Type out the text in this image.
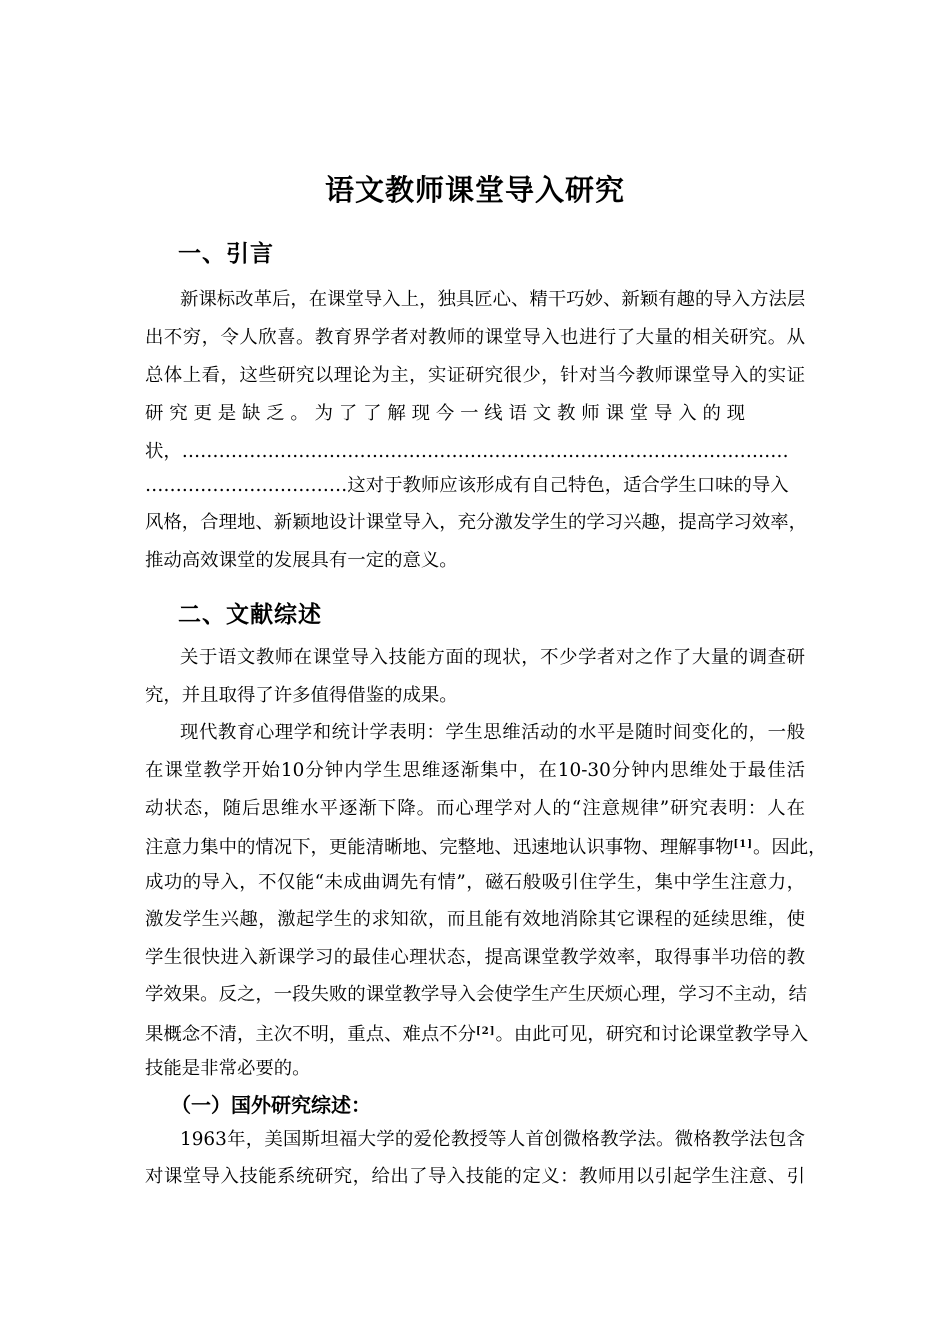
语文教师课堂导入研究
一、引言
新课标改革后，在课堂导入上，独具匠心、精干巧妙、新颖有趣的导入方法层
出不穷，令人欣喜。教育界学者对教师的课堂导入也进行了大量的相关研究。从
总体上看，这些研究以理论为主，实证研究很少，针对当今教师课堂导入的实证
研 究 更 是 缺 乏 。 为 了 了 解 现 今 一 线 语 文 教 师 课 堂 导 入 的 现
状，………………………………………………………………………………………
……………………………这对于教师应该形成有自己特色，适合学生口味的导入
风格，合理地、新颖地设计课堂导入，充分激发学生的学习兴趣，提高学习效率，
推动高效课堂的发展具有一定的意义。
二、文献综述
关于语文教师在课堂导入技能方面的现状，不少学者对之作了大量的调查研
究，并且取得了许多值得借鉴的成果。
现代教育心理学和统计学表明：学生思维活动的水平是随时间变化的，一般
在课堂教学开始10分钟内学生思维逐渐集中，在10-30分钟内思维处于最佳活
动状态，随后思维水平逐渐下降。而心理学对人的“注意规律”研究表明：人在
注意力集中的情况下，更能清晰地、完整地、迅速地认识事物、理解事物[1]。因此，
成功的导入，不仅能“未成曲调先有情”，磁石般吸引住学生，集中学生注意力，
激发学生兴趣，激起学生的求知欲，而且能有效地消除其它课程的延续思维，使
学生很快进入新课学习的最佳心理状态，提高课堂教学效率，取得事半功倍的教
学效果。反之，一段失败的课堂教学导入会使学生产生厌烦心理，学习不主动，结
果概念不清，主次不明，重点、难点不分[2]。由此可见，研究和讨论课堂教学导入
技能是非常必要的。
（一）国外研究综述：
1963年，美国斯坦福大学的爱伦教授等人首创微格教学法。微格教学法包含
对课堂导入技能系统研究，给出了导入技能的定义：教师用以引起学生注意、引
